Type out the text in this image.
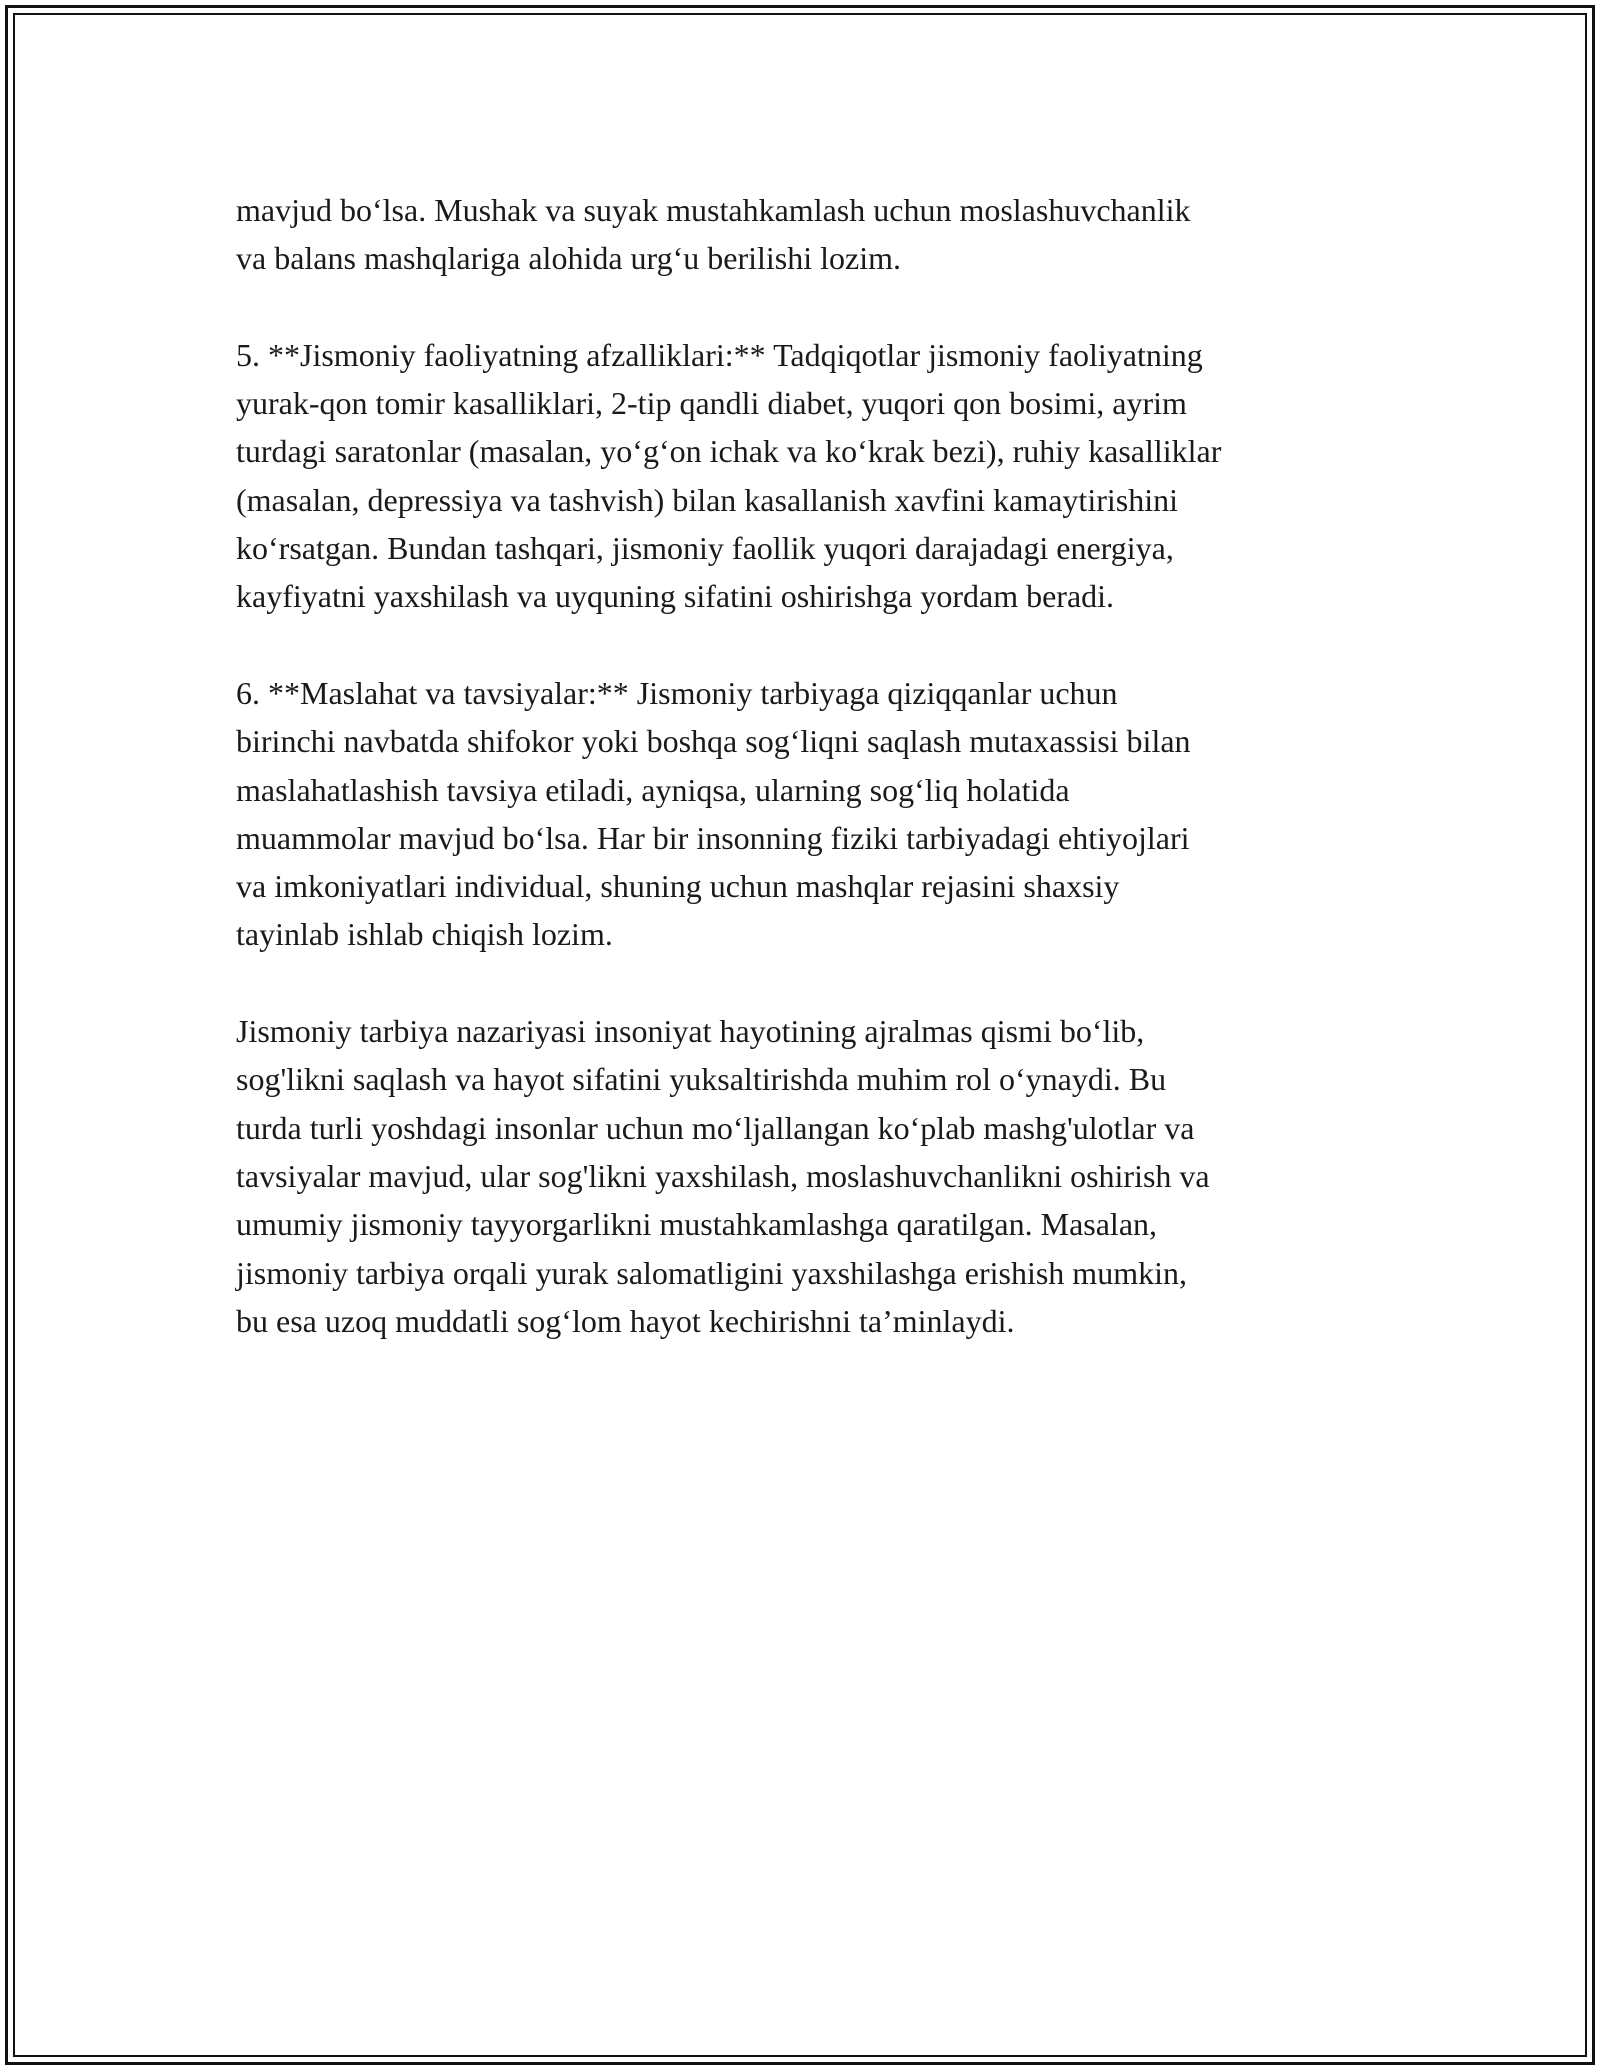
mavjud bo‘lsa. Mushak va suyak mustahkamlash uchun moslashuvchanlik
va balans mashqlariga alohida urg‘u berilishi lozim.

5. **Jismoniy faoliyatning afzalliklari:** Tadqiqotlar jismoniy faoliyatning
yurak-qon tomir kasalliklari, 2-tip qandli diabet, yuqori qon bosimi, ayrim
turdagi saratonlar (masalan, yo‘g‘on ichak va ko‘krak bezi), ruhiy kasalliklar
(masalan, depressiya va tashvish) bilan kasallanish xavfini kamaytirishini
ko‘rsatgan. Bundan tashqari, jismoniy faollik yuqori darajadagi energiya,
kayfiyatni yaxshilash va uyquning sifatini oshirishga yordam beradi.

6. **Maslahat va tavsiyalar:** Jismoniy tarbiyaga qiziqqanlar uchun
birinchi navbatda shifokor yoki boshqa sog‘liqni saqlash mutaxassisi bilan
maslahatlashish tavsiya etiladi, ayniqsa, ularning sog‘liq holatida
muammolar mavjud bo‘lsa. Har bir insonning fiziki tarbiyadagi ehtiyojlari
va imkoniyatlari individual, shuning uchun mashqlar rejasini shaxsiy
tayinlab ishlab chiqish lozim.

Jismoniy tarbiya nazariyasi insoniyat hayotining ajralmas qismi bo‘lib,
sog'likni saqlash va hayot sifatini yuksaltirishda muhim rol o‘ynaydi. Bu
turda turli yoshdagi insonlar uchun mo‘ljallangan ko‘plab mashg'ulotlar va
tavsiyalar mavjud, ular sog'likni yaxshilash, moslashuvchanlikni oshirish va
umumiy jismoniy tayyorgarlikni mustahkamlashga qaratilgan. Masalan,
jismoniy tarbiya orqali yurak salomatligini yaxshilashga erishish mumkin,
bu esa uzoq muddatli sog‘lom hayot kechirishni ta’minlaydi.
